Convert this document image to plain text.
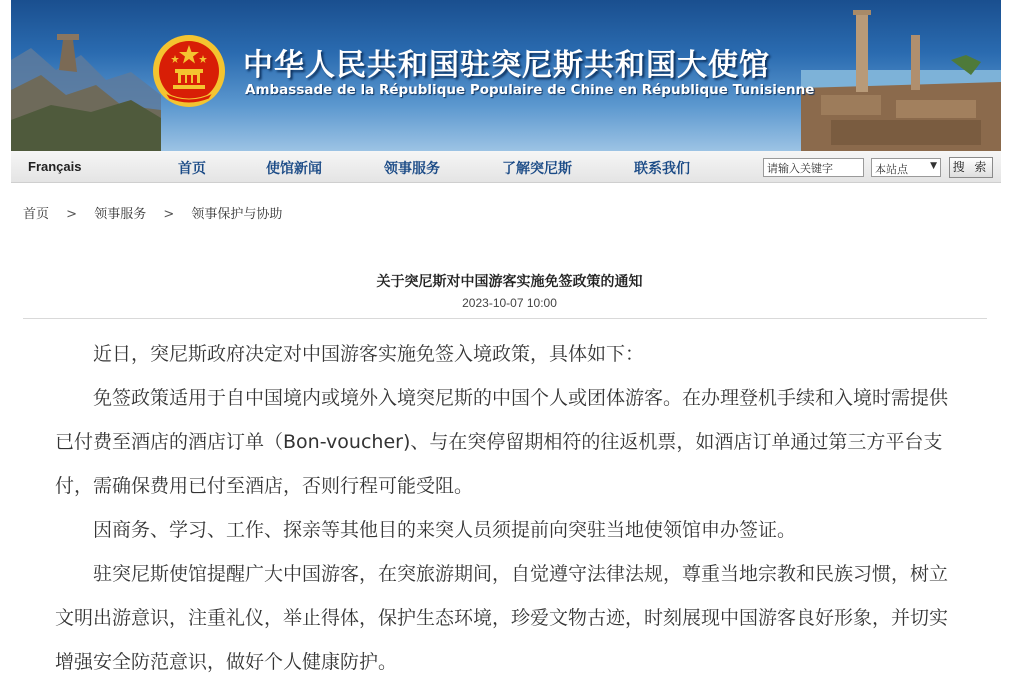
中华人民共和国驻突尼斯共和国大使馆
Ambassade de la République Populaire de Chine en République Tunisienne
Français	首页	使馆新闻	领事服务	了解突尼斯	联系我们	请输入关键字	本站点 ▼ 搜 索
首页 > 领事服务 > 领事保护与协助
关于突尼斯对中国游客实施免签政策的通知
2023-10-07 10:00

近日，突尼斯政府决定对中国游客实施免签入境政策，具体如下：

免签政策适用于自中国境内或境外入境突尼斯的中国个人或团体游客。在办理登机手续和入境时需提供已付费至酒店的酒店订单（Bon-voucher)、与在突停留期相符的往返机票，如酒店订单通过第三方平台支付，需确保费用已付至酒店，否则行程可能受阻。

因商务、学习、工作、探亲等其他目的来突人员须提前向突驻当地使领馆申办签证。

驻突尼斯使馆提醒广大中国游客，在突旅游期间，自觉遵守法律法规，尊重当地宗教和民族习惯，树立文明出游意识，注重礼仪，举止得体，保护生态环境，珍爱文物古迹，时刻展现中国游客良好形象，并切实增强安全防范意识，做好个人健康防护。
